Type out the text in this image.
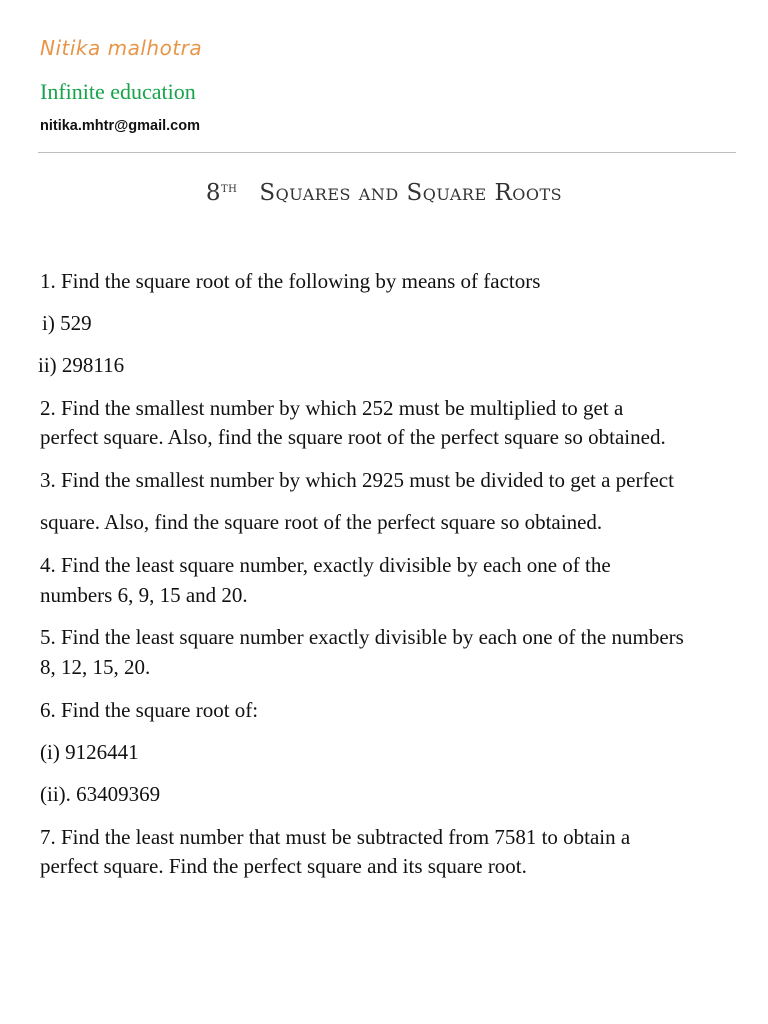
Nitika malhotra
Infinite education
nitika.mhtr@gmail.com
8TH Squares and Square Roots
1. Find the square root of the following by means of factors
i) 529
ii) 298116
2. Find the smallest number by which 252 must be multiplied to get a
perfect square. Also, find the square root of the perfect square so obtained.
3. Find the smallest number by which 2925 must be divided to get a perfect
square. Also, find the square root of the perfect square so obtained.
4. Find the least square number, exactly divisible by each one of the
numbers 6, 9, 15 and 20.
5. Find the least square number exactly divisible by each one of the numbers
8, 12, 15, 20.
6. Find the square root of:
(i) 9126441
(ii). 63409369
7. Find the least number that must be subtracted from 7581 to obtain a
perfect square. Find the perfect square and its square root.
